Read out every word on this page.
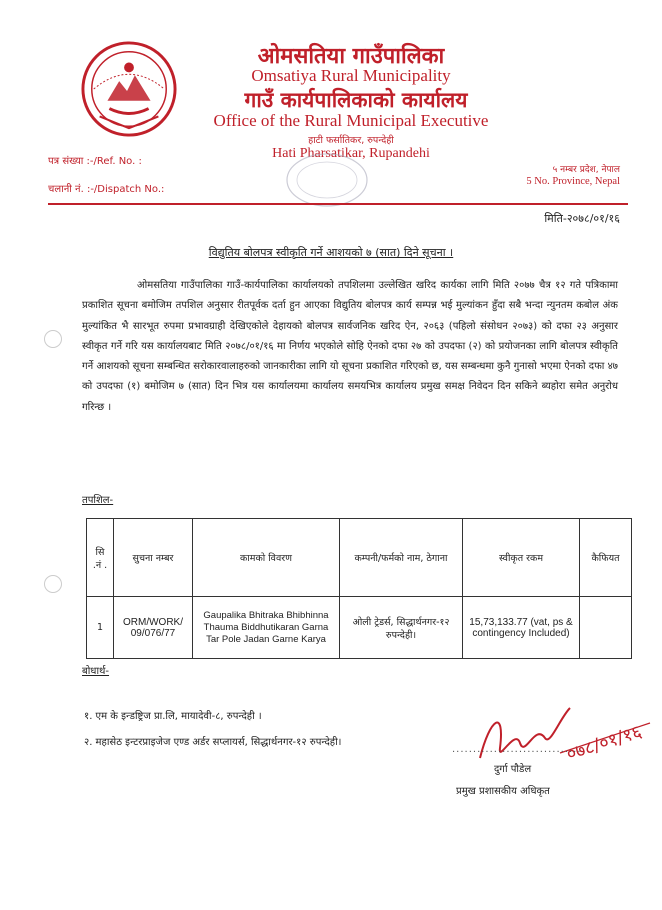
ओमसतिया गाउँपालिका
Omsatiya Rural Municipality
गाउँ कार्यपालिकाको कार्यालय
Office of the Rural Municipal Executive
हाटी फर्सातिकर, रुपन्देही
Hati Pharsatikar, Rupandehi
पत्र संख्या :-/Ref. No. :
चलानी नं. :-/Dispatch No.:
५ नम्बर प्रदेश, नेपाल
5 No. Province, Nepal
मिति-२०७८/०१/१६
विद्युतिय बोलपत्र स्वीकृति गर्ने आशयको ७ (सात) दिने सूचना ।
ओमसतिया गाउँपालिका गाउँ-कार्यपालिका कार्यालयको तपशिलमा उल्लेखित खरिद कार्यका लागि मिति २०७७ चैत्र १२ गते पत्रिकामा प्रकाशित सूचना बमोजिम तपशिल अनुसार रीतपूर्वक दर्ता हुन आएका विद्युतिय बोलपत्र कार्य सम्पन्न भई मुल्यांकन हुँदा सबै भन्दा न्युनतम कबोल अंक मुल्यांकित भै सारभूत रुपमा प्रभावग्राही देखिएकोले देहायको बोलपत्र सार्वजनिक खरिद ऐन, २०६३ (पहिलो संसोधन २०७३) को दफा २३ अनुसार स्वीकृत गर्ने गरि यस कार्यालयबाट मिति २०७८/०१/१६ मा निर्णय भएकोले सोहि ऐनको दफा २७ को उपदफा (२) को प्रयोजनका लागि बोलपत्र स्वीकृति गर्ने आशयको सूचना सम्बन्धित सरोकारवालाहरुको जानकारीका लागि यो सूचना प्रकाशित गरिएको छ, यस सम्बन्धमा कुनै गुनासो भएमा ऐनको दफा ४७ को उपदफा (१) बमोजिम ७ (सात) दिन भित्र यस कार्यालयमा कार्यालय समयभित्र कार्यालय प्रमुख समक्ष निवेदन दिन सकिने ब्यहोरा समेत अनुरोध गरिन्छ ।
तपशिल-
सि .नं .	सुचना नम्बर	कामको विवरण	कम्पनी/फर्मको नाम, ठेगाना	स्वीकृत रकम	कैफियत
1	ORM/WORK/ 09/076/77	Gaupalika Bhitraka Bhibhinna Thauma Biddhutikaran Garna Tar Pole Jadan Garne Karya	ओली ट्रेडर्स, सिद्धार्थनगर-१२ रुपन्देही।	15,73,133.77 (vat, ps & contingency Included)	
बोधार्थ-
१. एम के इन्डष्ट्रिज प्रा.लि, मायादेवी-८, रुपन्देही ।
२. महासेठ इन्टरप्राइजेज एण्ड अर्डर सप्लायर्स, सिद्धार्थनगर-१२ रुपन्देही।	०७८/०१/१६
...............................
दुर्गा पौडेल
प्रमुख प्रशासकीय अधिकृत
